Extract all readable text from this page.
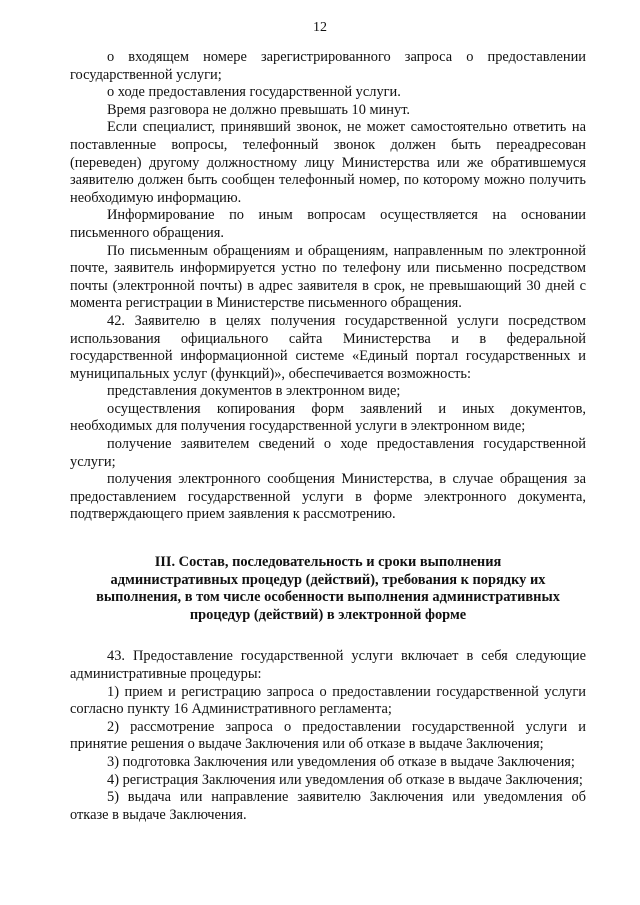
12

о входящем номере зарегистрированного запроса о предоставлении государственной услуги;

о ходе предоставления государственной услуги.

Время разговора не должно превышать 10 минут.

Если специалист, принявший звонок, не может самостоятельно ответить на поставленные вопросы, телефонный звонок должен быть переадресован (переведен) другому должностному лицу Министерства или же обратившемуся заявителю должен быть сообщен телефонный номер, по которому можно получить необходимую информацию.

Информирование по иным вопросам осуществляется на основании письменного обращения.

По письменным обращениям и обращениям, направленным по электронной почте, заявитель информируется устно по телефону или письменно посредством почты (электронной почты) в адрес заявителя в срок, не превышающий 30 дней с момента регистрации в Министерстве письменного обращения.

42. Заявителю в целях получения государственной услуги посредством использования официального сайта Министерства и в федеральной государственной информационной системе «Единый портал государственных и муниципальных услуг (функций)», обеспечивается возможность:

представления документов в электронном виде;

осуществления копирования форм заявлений и иных документов, необходимых для получения государственной услуги в электронном виде;

получение заявителем сведений о ходе предоставления государственной услуги;

получения электронного сообщения Министерства, в случае обращения за предоставлением государственной услуги в форме электронного документа, подтверждающего прием заявления к рассмотрению.

III. Состав, последовательность и сроки выполнения
административных процедур (действий), требования к порядку их
выполнения, в том числе особенности выполнения административных
процедур (действий) в электронной форме

43. Предоставление государственной услуги включает в себя следующие административные процедуры:

1) прием и регистрацию запроса о предоставлении государственной услуги согласно пункту 16 Административного регламента;

2) рассмотрение запроса о предоставлении государственной услуги и принятие решения о выдаче Заключения или об отказе в выдаче Заключения;

3) подготовка Заключения или уведомления об отказе в выдаче Заключения;

4) регистрация Заключения или уведомления об отказе в выдаче Заключения;

5) выдача или направление заявителю Заключения или уведомления об отказе в выдаче Заключения.
